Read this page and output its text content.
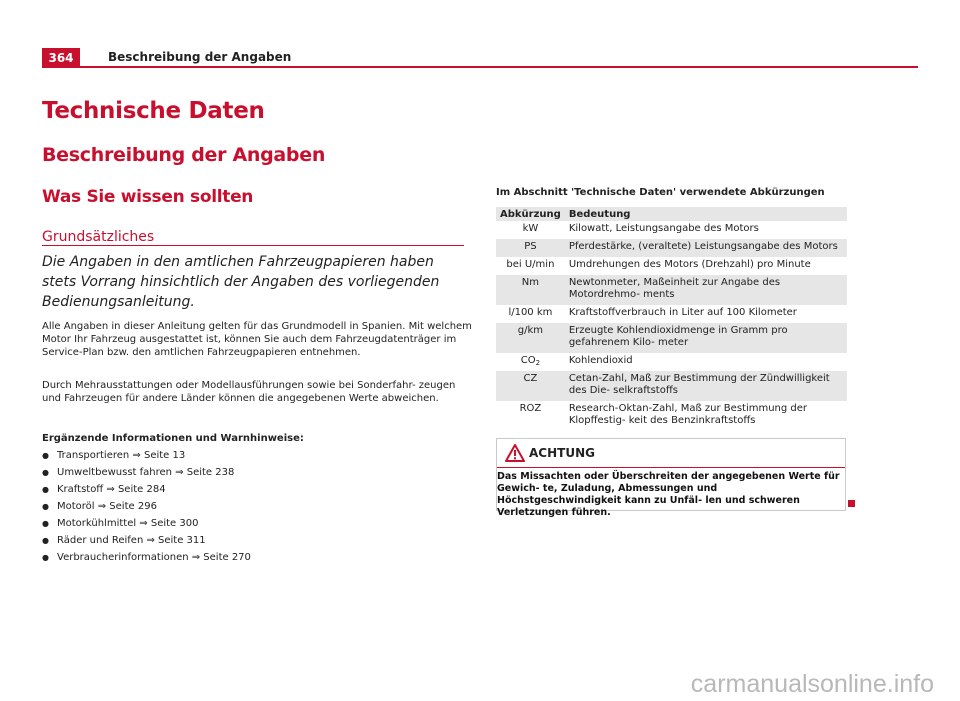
364	Beschreibung der Angaben
Technische Daten
Beschreibung der Angaben
Was Sie wissen sollten
Grundsätzliches
Die Angaben in den amtlichen Fahrzeugpapieren haben stets Vorrang hinsichtlich der Angaben des vorliegenden Bedienungsanleitung.
Alle Angaben in dieser Anleitung gelten für das Grundmodell in Spanien. Mit welchem Motor Ihr Fahrzeug ausgestattet ist, können Sie auch dem Fahrzeugdatenträger im Service-Plan bzw. den amtlichen Fahrzeugpapieren entnehmen.
Durch Mehrausstattungen oder Modellausführungen sowie bei Sonderfahr- zeugen und Fahrzeugen für andere Länder können die angegebenen Werte abweichen.
Ergänzende Informationen und Warnhinweise:
● Transportieren ⇒ Seite 13
● Umweltbewusst fahren ⇒ Seite 238
● Kraftstoff ⇒ Seite 284
● Motoröl ⇒ Seite 296
● Motorkühlmittel ⇒ Seite 300
● Räder und Reifen ⇒ Seite 311
● Verbraucherinformationen ⇒ Seite 270
Im Abschnitt 'Technische Daten' verwendete Abkürzungen
Abkürzung	Bedeutung
kW	Kilowatt, Leistungsangabe des Motors
PS	Pferdestärke, (veraltete) Leistungsangabe des Motors
bei U/min	Umdrehungen des Motors (Drehzahl) pro Minute
Nm	Newtonmeter, Maßeinheit zur Angabe des Motordrehmo- ments
l/100 km	Kraftstoffverbrauch in Liter auf 100 Kilometer
g/km	Erzeugte Kohlendioxidmenge in Gramm pro gefahrenem Kilo- meter
$CO_2$	Kohlendioxid
CZ	Cetan-Zahl, Maß zur Bestimmung der Zündwilligkeit des Die- selkraftstoffs
ROZ	Research-Oktan-Zahl, Maß zur Bestimmung der Klopffestig- keit des Benzinkraftstoffs
ACHTUNG
Das Missachten oder Überschreiten der angegebenen Werte für Gewich- te, Zuladung, Abmessungen und Höchstgeschwindigkeit kann zu Unfäl- len und schweren Verletzungen führen.
carmanualsonline.info
